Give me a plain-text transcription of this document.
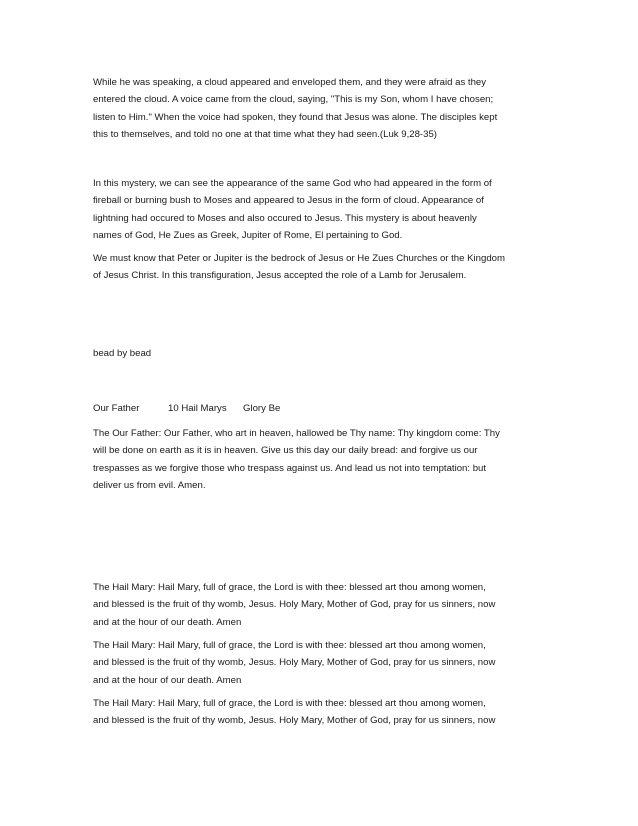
While he was speaking, a cloud appeared and enveloped them, and they were afraid as they
entered the cloud. A voice came from the cloud, saying, "This is my Son, whom I have chosen;
listen to Him." When the voice had spoken, they found that Jesus was alone. The disciples kept
this to themselves, and told no one at that time what they had seen.(Luk 9,28-35)
In this mystery, we can see the appearance of the same God who had appeared in the form of
fireball or burning bush to Moses and appeared to Jesus in the form of cloud. Appearance of
lightning had occured to Moses and also occured to Jesus. This mystery is about heavenly
names of God, He Zues as Greek, Jupiter of Rome, El pertaining to God.
We must know that Peter or Jupiter is the bedrock of Jesus or He Zues Churches or the Kingdom
of Jesus Christ. In this transfiguration, Jesus accepted the role of a Lamb for Jerusalem.
bead by bead
Our Father	10 Hail Marys Glory Be
The Our Father: Our Father, who art in heaven, hallowed be Thy name: Thy kingdom come: Thy
will be done on earth as it is in heaven. Give us this day our daily bread: and forgive us our
trespasses as we forgive those who trespass against us. And lead us not into temptation: but
deliver us from evil. Amen.
The Hail Mary: Hail Mary, full of grace, the Lord is with thee: blessed art thou among women,
and blessed is the fruit of thy womb, Jesus. Holy Mary, Mother of God, pray for us sinners, now
and at the hour of our death. Amen
The Hail Mary: Hail Mary, full of grace, the Lord is with thee: blessed art thou among women,
and blessed is the fruit of thy womb, Jesus. Holy Mary, Mother of God, pray for us sinners, now
and at the hour of our death. Amen
The Hail Mary: Hail Mary, full of grace, the Lord is with thee: blessed art thou among women,
and blessed is the fruit of thy womb, Jesus. Holy Mary, Mother of God, pray for us sinners, now
